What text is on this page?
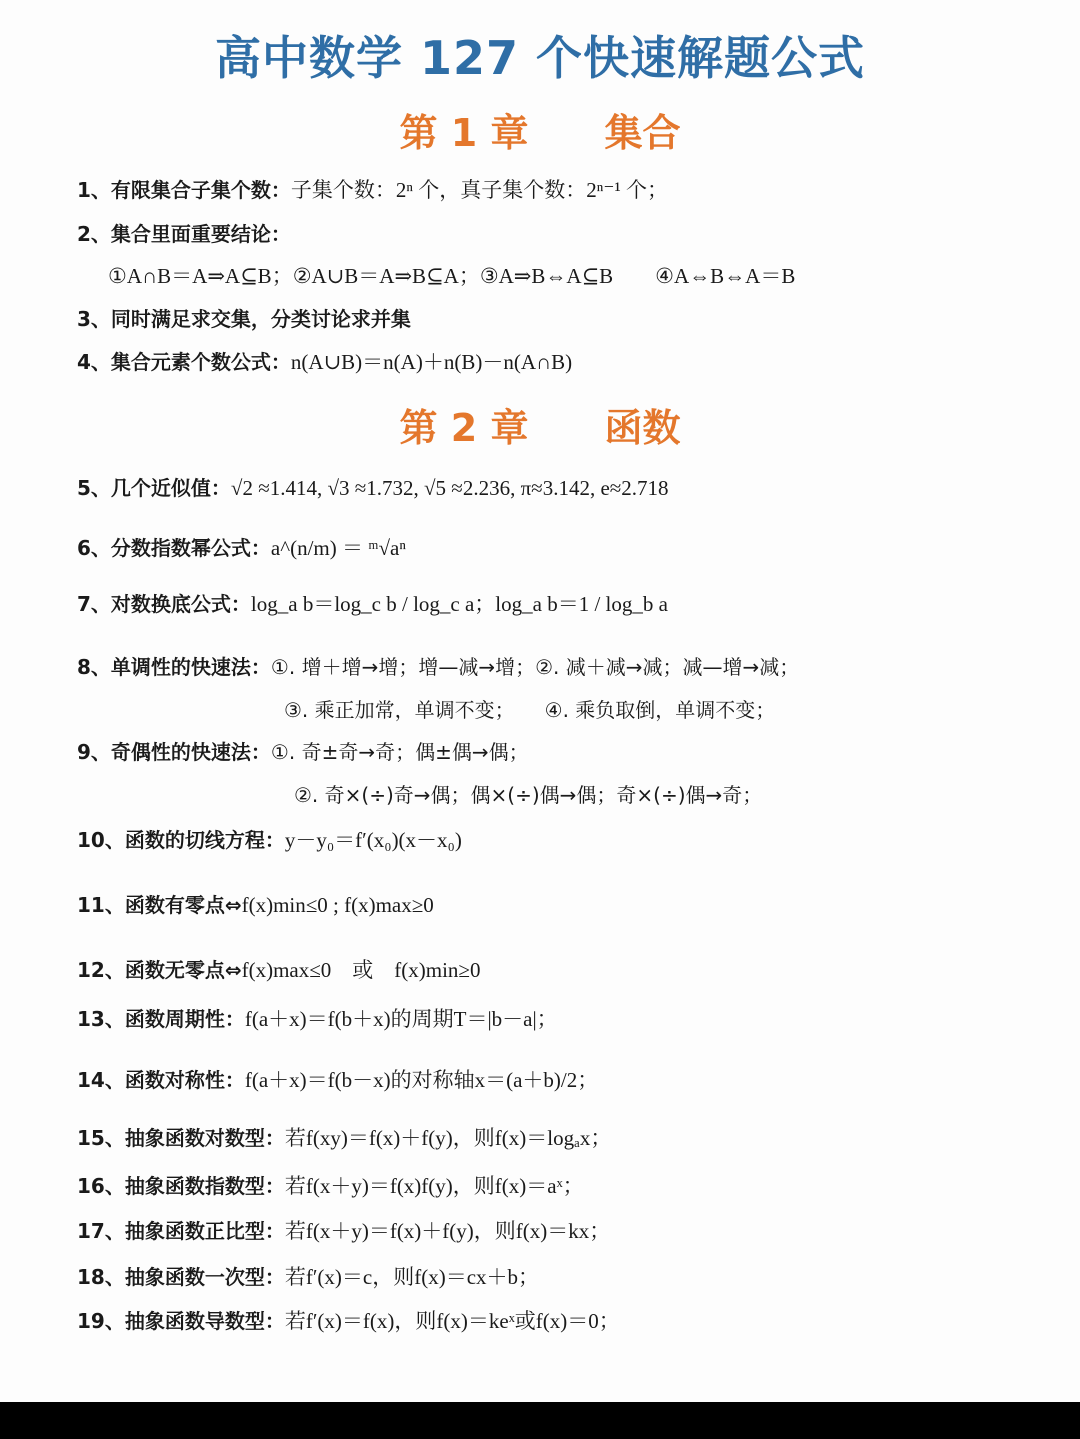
高中数学 127 个快速解题公式
第 1 章　　集合
1、有限集合子集个数：子集个数：2ⁿ 个，真子集个数：2ⁿ⁻¹ 个；
2、集合里面重要结论：
①A∩B＝A⇒A⊆B；②A∪B＝A⇒B⊆A；③A⇒B⇔A⊆B　　④A⇔B⇔A＝B
3、同时满足求交集，分类讨论求并集
4、集合元素个数公式：n(A∪B)＝n(A)＋n(B)－n(A∩B)
第 2 章　　函数
5、几个近似值：√2 ≈1.414, √3 ≈1.732, √5 ≈2.236, π≈3.142, e≈2.718
6、分数指数幂公式：a^(n/m) ＝ ᵐ√aⁿ
7、对数换底公式：log_a b＝log_c b / log_c a；log_a b＝1 / log_b a
8、单调性的快速法：①. 增＋增→增；增—减→增；②. 减＋减→减；减—增→减；
③. 乘正加常，单调不变；　　④. 乘负取倒，单调不变；
9、奇偶性的快速法：①. 奇±奇→奇；偶±偶→偶；
②. 奇×(÷)奇→偶；偶×(÷)偶→偶；奇×(÷)偶→奇；
10、函数的切线方程：y－y₀＝f′(x₀)(x－x₀)
11、函数有零点⇔f(x)min≤0 ; f(x)max≥0
12、函数无零点⇔f(x)max≤0　或　f(x)min≥0
13、函数周期性：f(a＋x)＝f(b＋x)的周期T＝|b－a|；
14、函数对称性：f(a＋x)＝f(b－x)的对称轴x＝(a＋b)/2；
15、抽象函数对数型：若f(xy)＝f(x)＋f(y)，则f(x)＝logₐx；
16、抽象函数指数型：若f(x＋y)＝f(x)f(y)，则f(x)＝aˣ；
17、抽象函数正比型：若f(x＋y)＝f(x)＋f(y)，则f(x)＝kx；
18、抽象函数一次型：若f′(x)＝c，则f(x)＝cx＋b；
19、抽象函数导数型：若f′(x)＝f(x)，则f(x)＝keˣ或f(x)＝0；
